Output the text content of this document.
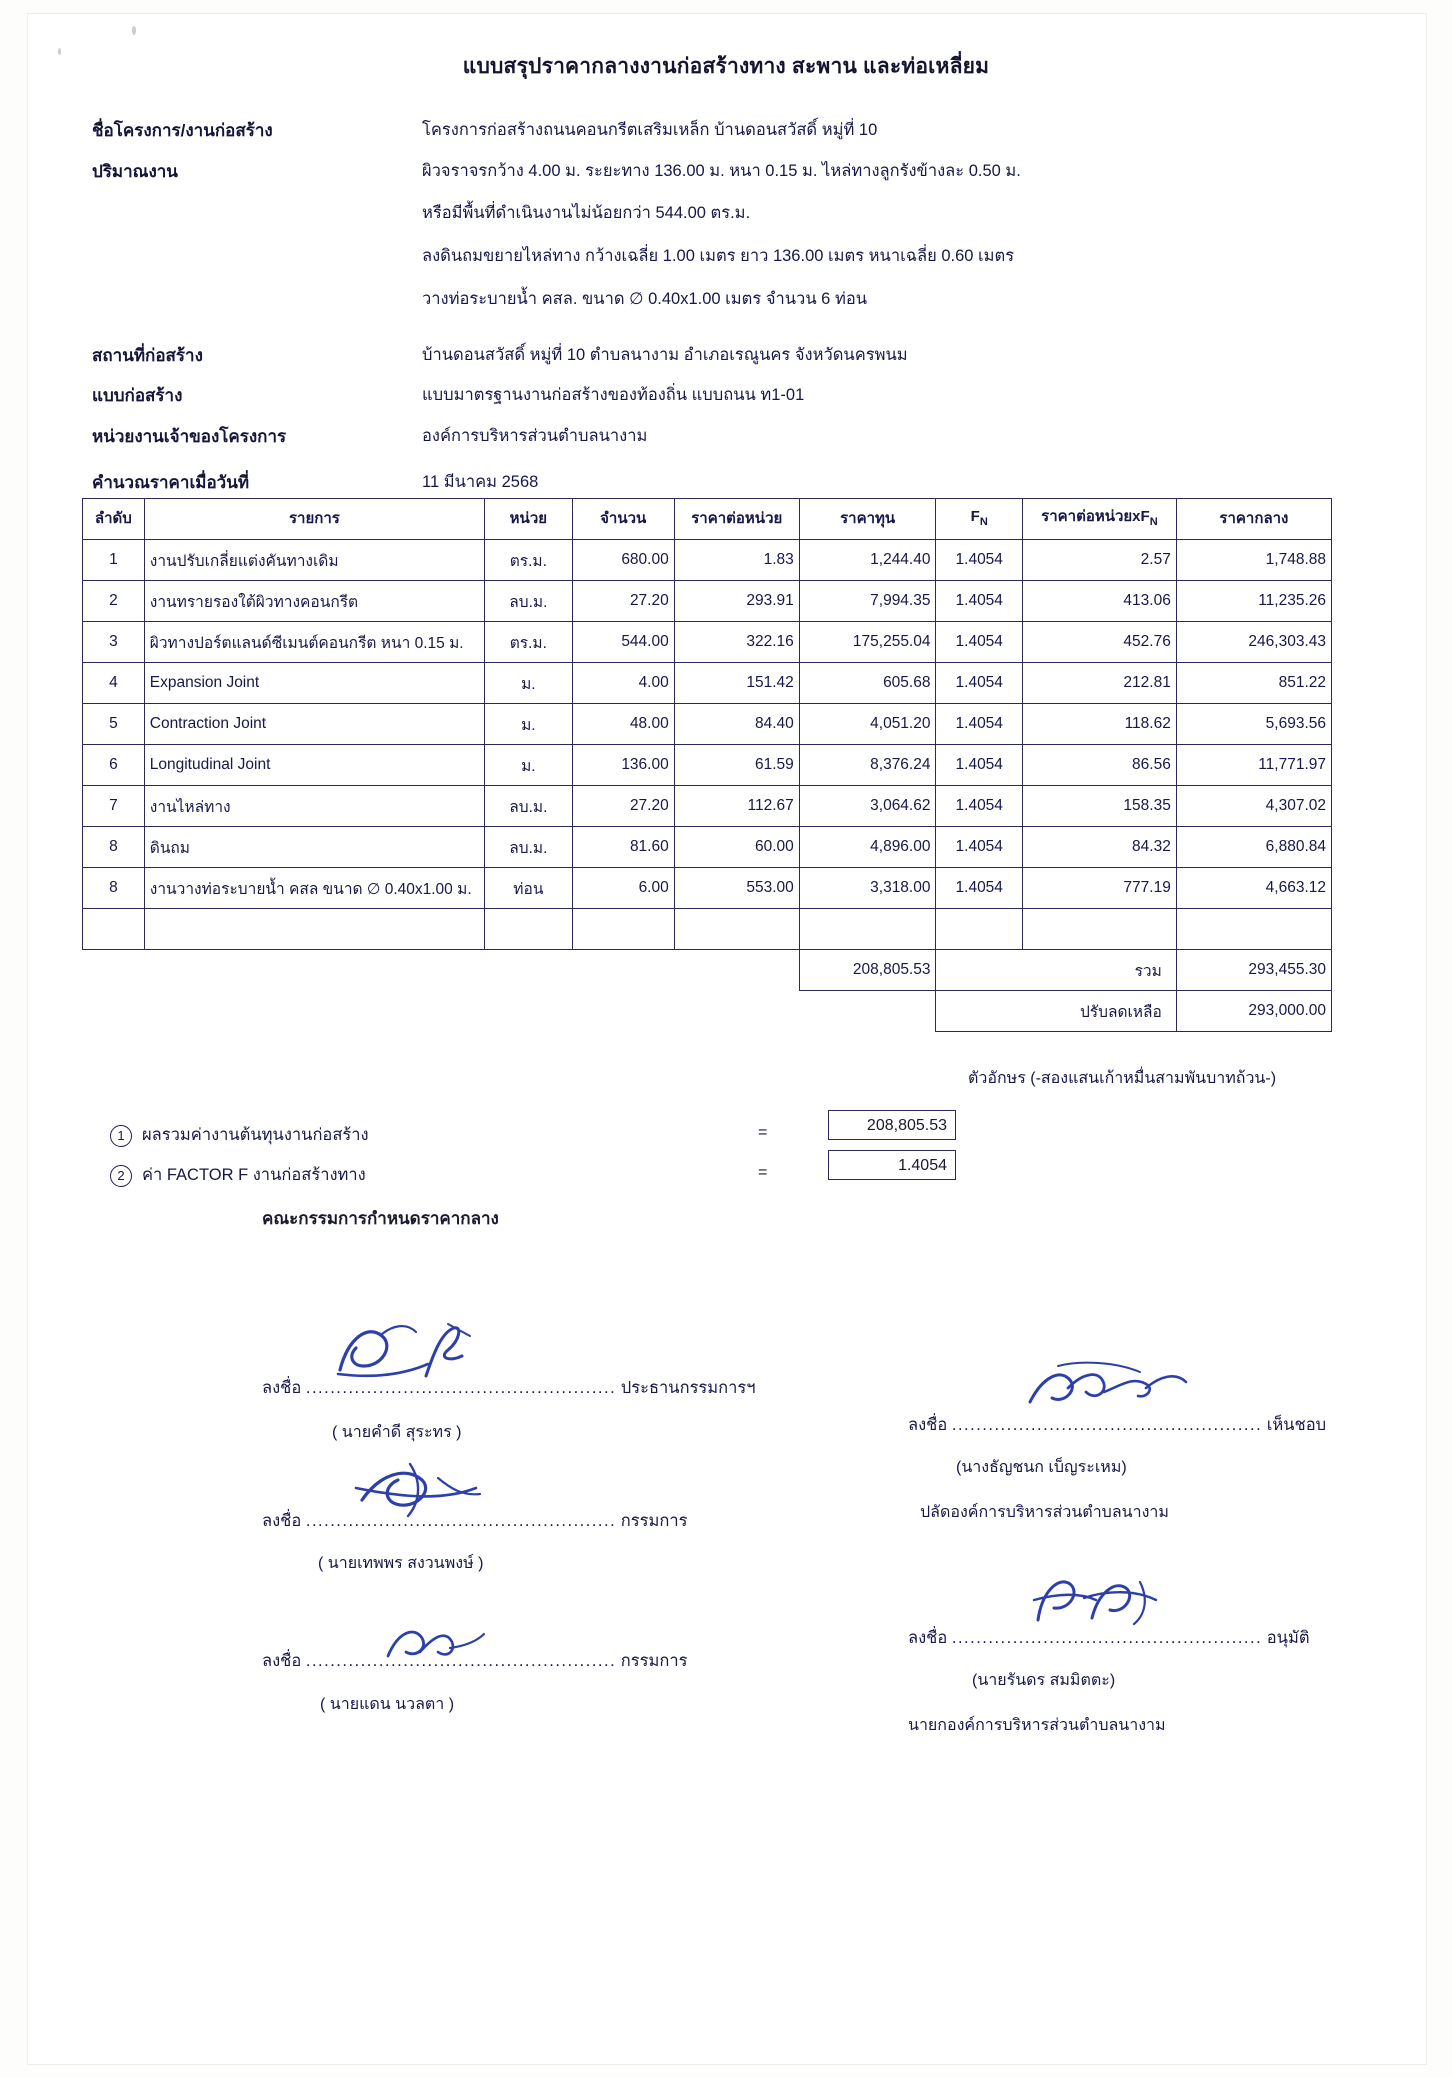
แบบสรุปราคากลางงานก่อสร้างทาง สะพาน และท่อเหลี่ยม
ชื่อโครงการ/งานก่อสร้าง	โครงการก่อสร้างถนนคอนกรีตเสริมเหล็ก บ้านดอนสวัสดิ์ หมู่ที่ 10
ปริมาณงาน	ผิวจราจรกว้าง 4.00 ม. ระยะทาง 136.00 ม. หนา 0.15 ม. ไหล่ทางลูกรังข้างละ 0.50 ม.
หรือมีพื้นที่ดำเนินงานไม่น้อยกว่า 544.00 ตร.ม.
ลงดินถมขยายไหล่ทาง กว้างเฉลี่ย 1.00 เมตร ยาว 136.00 เมตร หนาเฉลี่ย 0.60 เมตร
วางท่อระบายน้ำ คสล. ขนาด ∅ 0.40x1.00 เมตร จำนวน 6 ท่อน
สถานที่ก่อสร้าง	บ้านดอนสวัสดิ์ หมู่ที่ 10 ตำบลนางาม อำเภอเรณูนคร จังหวัดนครพนม
แบบก่อสร้าง	แบบมาตรฐานงานก่อสร้างของท้องถิ่น แบบถนน ท1-01
หน่วยงานเจ้าของโครงการ	องค์การบริหารส่วนตำบลนางาม
คำนวณราคาเมื่อวันที่	11 มีนาคม 2568
ลำดับ	รายการ	หน่วย	จำนวน	ราคาต่อหน่วย	ราคาทุน	$F_N$	ราคาต่อหน่วย$xF_N$	ราคากลาง
1	งานปรับเกลี่ยแต่งคันทางเดิม	ตร.ม.	680.00	1.83	1,244.40	1.4054	2.57	1,748.88
2	งานทรายรองใต้ผิวทางคอนกรีต	ลบ.ม.	27.20	293.91	7,994.35	1.4054	413.06	11,235.26
3	ผิวทางปอร์ตแลนด์ซีเมนต์คอนกรีต หนา 0.15 ม.	ตร.ม.	544.00	322.16	175,255.04	1.4054	452.76	246,303.43
4	Expansion Joint	ม.	4.00	151.42	605.68	1.4054	212.81	851.22
5	Contraction Joint	ม.	48.00	84.40	4,051.20	1.4054	118.62	5,693.56
6	Longitudinal Joint	ม.	136.00	61.59	8,376.24	1.4054	86.56	11,771.97
7	งานไหล่ทาง	ลบ.ม.	27.20	112.67	3,064.62	1.4054	158.35	4,307.02
8	ดินถม	ลบ.ม.	81.60	60.00	4,896.00	1.4054	84.32	6,880.84
8	งานวางท่อระบายน้ำ คสล ขนาด ∅ 0.40x1.00 ม.	ท่อน	6.00	553.00	3,318.00	1.4054	777.19	4,663.12

					208,805.53	รวม		293,455.30
						ปรับลดเหลือ		293,000.00
ตัวอักษร (-สองแสนเก้าหมื่นสามพันบาทถ้วน-)
1 ผลรวมค่างานต้นทุนงานก่อสร้าง	=	208,805.53
2 ค่า FACTOR F งานก่อสร้างทาง	=	1.4054
คณะกรรมการกำหนดราคากลาง
ลงชื่อ ................................................... ประธานกรรมการฯ
( นายคำดี สุระทร )
ลงชื่อ ................................................... กรรมการ
( นายเทพพร สงวนพงษ์ )
ลงชื่อ ................................................... กรรมการ
( นายแดน นวลตา )
ลงชื่อ ................................................... เห็นชอบ
(นางธัญชนก เบ็ญระเหม)
ปลัดองค์การบริหารส่วนตำบลนางาม
ลงชื่อ ................................................... อนุมัติ
(นายรันดร สมมิตตะ)
นายกองค์การบริหารส่วนตำบลนางาม
